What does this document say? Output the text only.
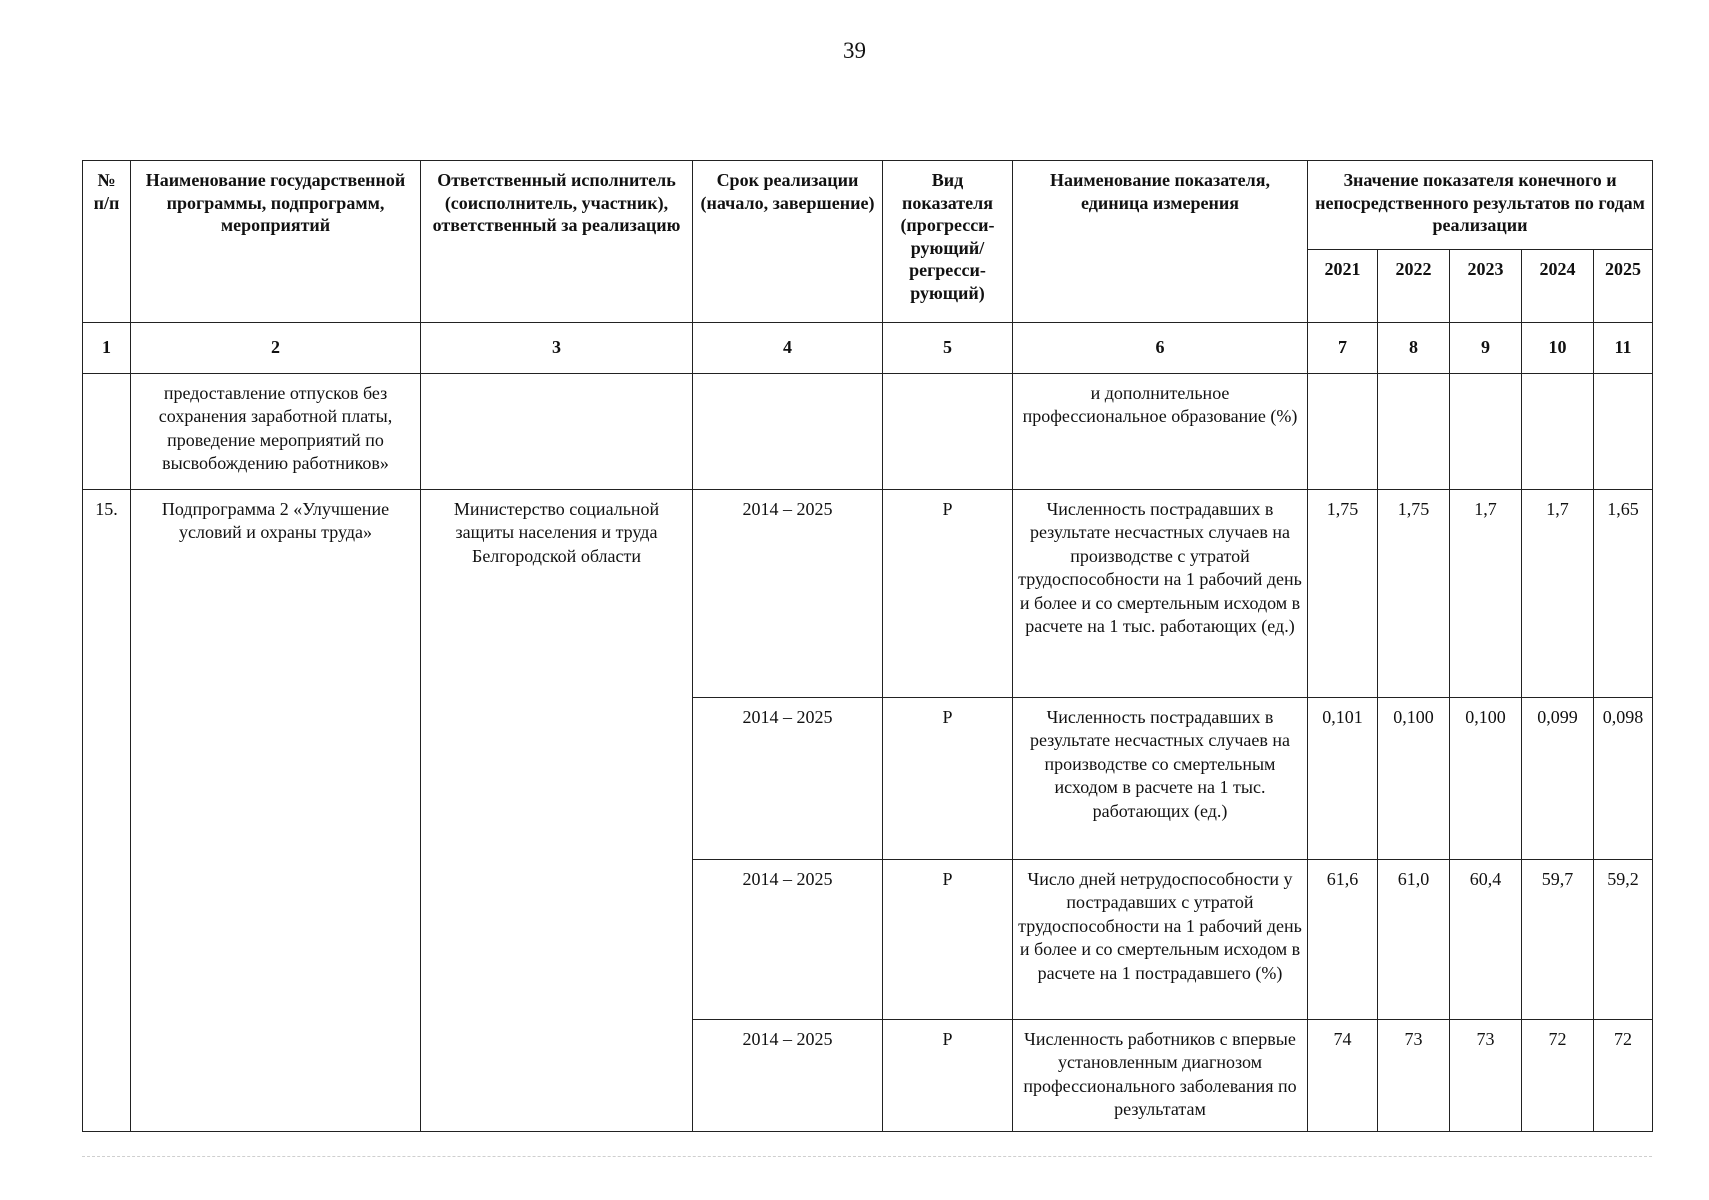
39
№ п/п	Наименование государственной программы, подпрограмм, мероприятий	Ответственный исполнитель (соисполнитель, участник), ответственный за реализацию	Срок реализации (начало, завершение)	Вид показателя (прогресси-рующий/ регресси-рующий)	Наименование показателя, единица измерения	Значение показателя конечного и непосредственного результатов по годам реализации				
						2021	2022	2023	2024	2025
1	2	3	4	5	6	7	8	9	10	11
	предоставление отпусков без сохранения заработной платы, проведение мероприятий по высвобождению работников»				и дополнительное профессиональное образование (%)					
15.	Подпрограмма 2 «Улучшение условий и охраны труда»	Министерство социальной защиты населения и труда Белгородской области	2014 – 2025	Р	Численность пострадавших в результате несчастных случаев на производстве с утратой трудоспособности на 1 рабочий день и более и со смертельным исходом в расчете на 1 тыс. работающих (ед.)	1,75	1,75	1,7	1,7	1,65
			2014 – 2025	Р	Численность пострадавших в результате несчастных случаев на производстве со смертельным исходом в расчете на 1 тыс. работающих (ед.)	0,101	0,100	0,100	0,099	0,098
			2014 – 2025	Р	Число дней нетрудоспособности у пострадавших с утратой трудоспособности на 1 рабочий день и более и со смертельным исходом в расчете на 1 пострадавшего (%)	61,6	61,0	60,4	59,7	59,2
			2014 – 2025	Р	Численность работников с впервые установленным диагнозом профессионального заболевания по результатам	74	73	73	72	72
